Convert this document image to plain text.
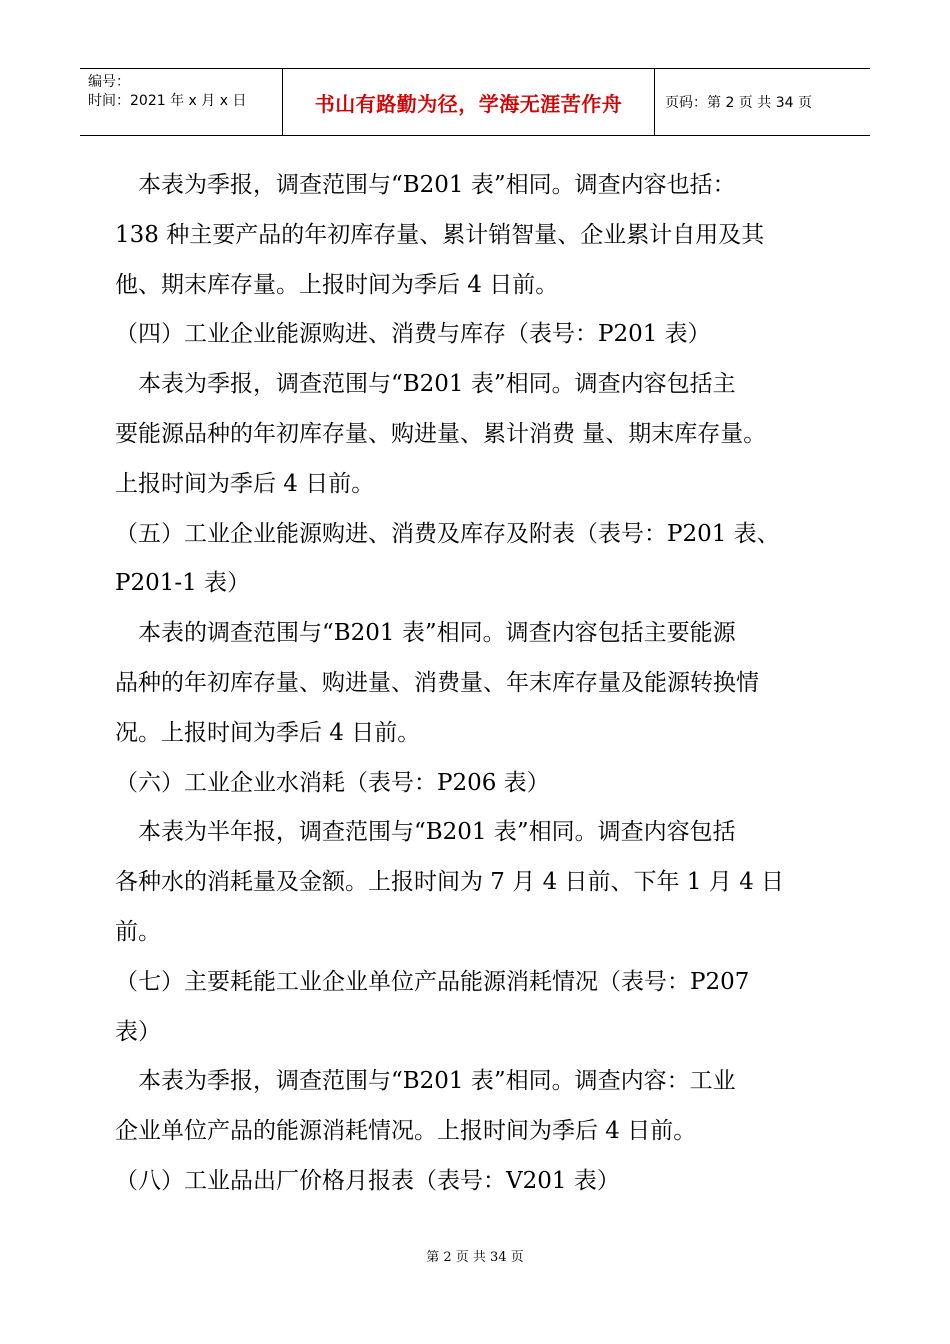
编号：
时间：2021 年 x 月 x 日	书山有路勤为径，学海无涯苦作舟	页码：第 2 页 共 34 页
　本表为季报，调查范围与“B201 表”相同。调查内容也括：
138 种主要产品的年初库存量、累计销智量、企业累计自用及其
他、期末库存量。上报时间为季后 4 日前。
（四）工业企业能源购进、消费与库存（表号：P201 表）
　本表为季报，调查范围与“B201 表”相同。调查内容包括主
要能源品种的年初库存量、购进量、累计消费 量、期末库存量。
上报时间为季后 4 日前。
（五）工业企业能源购进、消费及库存及附表（表号：P201 表、
P201-1 表）
　本表的调查范围与“B201 表”相同。调查内容包括主要能源
品种的年初库存量、购进量、消费量、年末库存量及能源转换情
况。上报时间为季后 4 日前。
（六）工业企业水消耗（表号：P206 表）
　本表为半年报，调查范围与“B201 表”相同。调查内容包括
各种水的消耗量及金额。上报时间为 7 月 4 日前、下年 1 月 4 日
前。
（七）主要耗能工业企业单位产品能源消耗情况（表号：P207
表）
　本表为季报，调查范围与“B201 表”相同。调查内容：工业
企业单位产品的能源消耗情况。上报时间为季后 4 日前。
（八）工业品出厂价格月报表（表号：V201 表）
第 2 页 共 34 页
